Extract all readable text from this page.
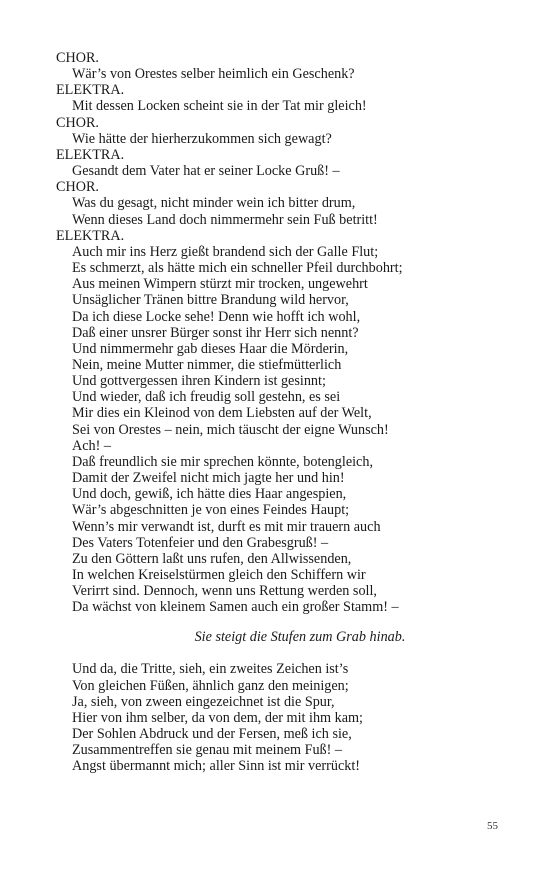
CHOR.
Wär’s von Orestes selber heimlich ein Geschenk?
ELEKTRA.
Mit dessen Locken scheint sie in der Tat mir gleich!
CHOR.
Wie hätte der hierherzukommen sich gewagt?
ELEKTRA.
Gesandt dem Vater hat er seiner Locke Gruß! –
CHOR.
Was du gesagt, nicht minder wein ich bitter drum,
Wenn dieses Land doch nimmermehr sein Fuß betritt!
ELEKTRA.
Auch mir ins Herz gießt brandend sich der Galle Flut;
Es schmerzt, als hätte mich ein schneller Pfeil durchbohrt;
Aus meinen Wimpern stürzt mir trocken, ungewehrt
Unsäglicher Tränen bittre Brandung wild hervor,
Da ich diese Locke sehe! Denn wie hofft ich wohl,
Daß einer unsrer Bürger sonst ihr Herr sich nennt?
Und nimmermehr gab dieses Haar die Mörderin,
Nein, meine Mutter nimmer, die stiefmütterlich
Und gottvergessen ihren Kindern ist gesinnt;
Und wieder, daß ich freudig soll gestehn, es sei
Mir dies ein Kleinod von dem Liebsten auf der Welt,
Sei von Orestes – nein, mich täuscht der eigne Wunsch!
Ach! –
Daß freundlich sie mir sprechen könnte, botengleich,
Damit der Zweifel nicht mich jagte her und hin!
Und doch, gewiß, ich hätte dies Haar angespien,
Wär’s abgeschnitten je von eines Feindes Haupt;
Wenn’s mir verwandt ist, durft es mit mir trauern auch
Des Vaters Totenfeier und den Grabesgruß! –
Zu den Göttern laßt uns rufen, den Allwissenden,
In welchen Kreiselstürmen gleich den Schiffern wir
Verirrt sind. Dennoch, wenn uns Rettung werden soll,
Da wächst von kleinem Samen auch ein großer Stamm! –
Sie steigt die Stufen zum Grab hinab.
Und da, die Tritte, sieh, ein zweites Zeichen ist’s
Von gleichen Füßen, ähnlich ganz den meinigen;
Ja, sieh, von zween eingezeichnet ist die Spur,
Hier von ihm selber, da von dem, der mit ihm kam;
Der Sohlen Abdruck und der Fersen, meß ich sie,
Zusammentreffen sie genau mit meinem Fuß! –
Angst übermannt mich; aller Sinn ist mir verrückt!
55
